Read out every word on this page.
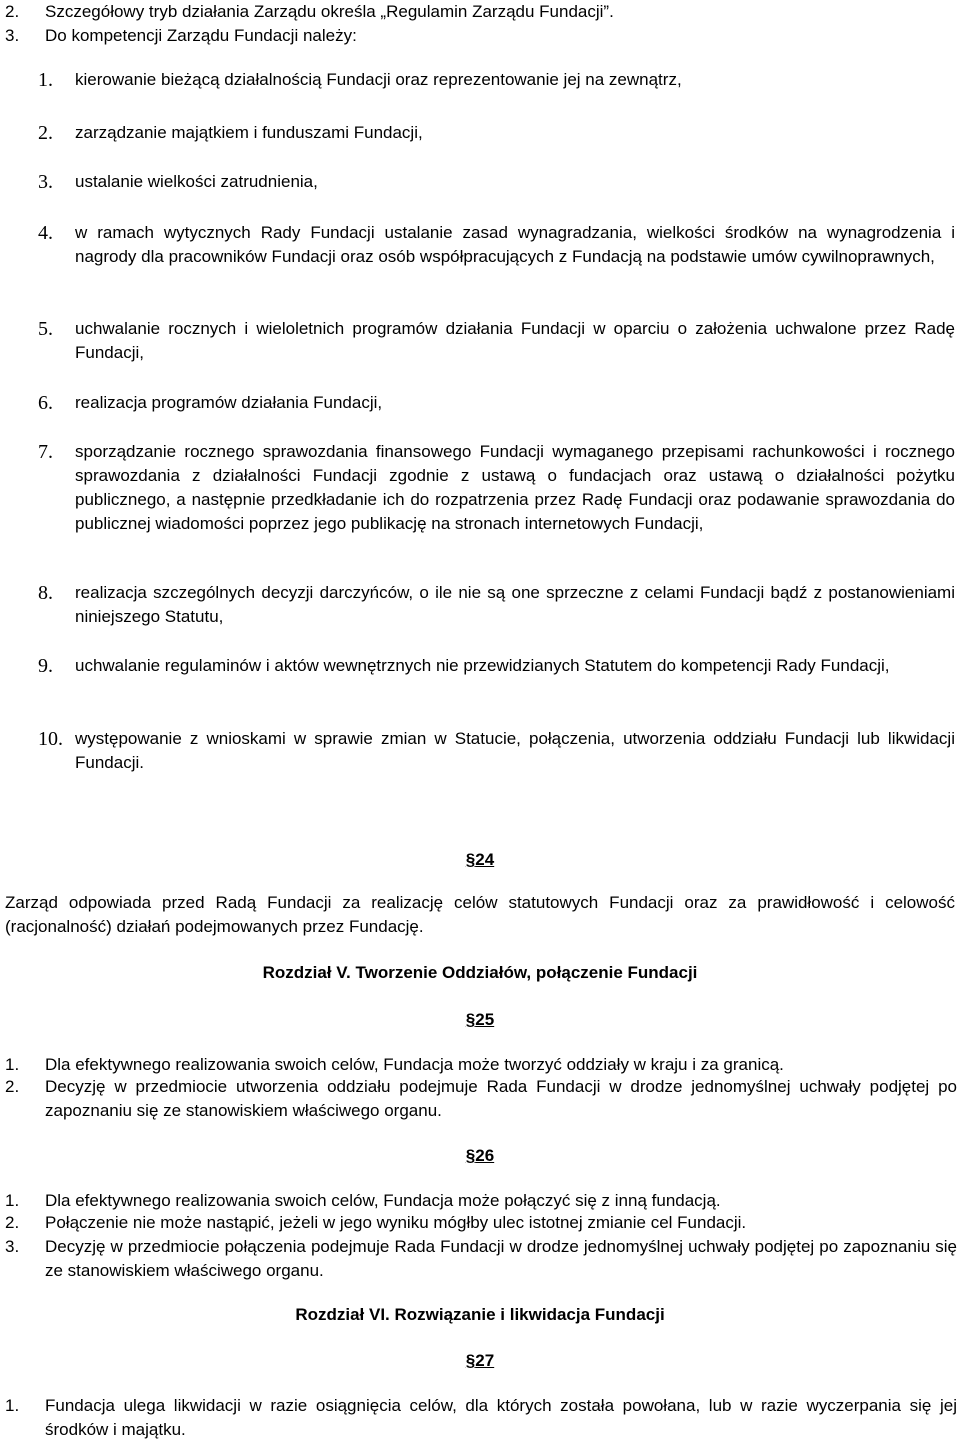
2. Szczegółowy tryb działania Zarządu określa „Regulamin Zarządu Fundacji”.
3. Do kompetencji Zarządu Fundacji należy:
1. kierowanie bieżącą działalnością Fundacji oraz reprezentowanie jej na zewnątrz,
2. zarządzanie majątkiem i funduszami Fundacji,
3. ustalanie wielkości zatrudnienia,
4. w ramach wytycznych Rady Fundacji ustalanie zasad wynagradzania, wielkości środków na wynagrodzenia i nagrody dla pracowników Fundacji oraz osób współpracujących z Fundacją na podstawie umów cywilnoprawnych,
5. uchwalanie rocznych i wieloletnich programów działania Fundacji w oparciu o założenia uchwalone przez Radę Fundacji,
6. realizacja programów działania Fundacji,
7. sporządzanie rocznego sprawozdania finansowego Fundacji wymaganego przepisami rachunkowości i rocznego sprawozdania z działalności Fundacji zgodnie z ustawą o fundacjach oraz ustawą o działalności pożytku publicznego, a następnie przedkładanie ich do rozpatrzenia przez Radę Fundacji oraz podawanie sprawozdania do publicznej wiadomości poprzez jego publikację na stronach internetowych Fundacji,
8. realizacja szczególnych decyzji darczyńców, o ile nie są one sprzeczne z celami Fundacji bądź z postanowieniami niniejszego Statutu,
9. uchwalanie regulaminów i aktów wewnętrznych nie przewidzianych Statutem do kompetencji Rady Fundacji,
10. występowanie z wnioskami w sprawie zmian w Statucie, połączenia, utworzenia oddziału Fundacji lub likwidacji Fundacji.
§24
Zarząd odpowiada przed Radą Fundacji za realizację celów statutowych Fundacji oraz za prawidłowość i celowość (racjonalność) działań podejmowanych przez Fundację.
Rozdział V. Tworzenie Oddziałów, połączenie Fundacji
§25
1. Dla efektywnego realizowania swoich celów, Fundacja może tworzyć oddziały w kraju i za granicą.
2. Decyzję w przedmiocie utworzenia oddziału podejmuje Rada Fundacji w drodze jednomyślnej uchwały podjętej po zapoznaniu się ze stanowiskiem właściwego organu.
§26
1. Dla efektywnego realizowania swoich celów, Fundacja może połączyć się z inną fundacją.
2. Połączenie nie może nastąpić, jeżeli w jego wyniku mógłby ulec istotnej zmianie cel Fundacji.
3. Decyzję w przedmiocie połączenia podejmuje Rada Fundacji w drodze jednomyślnej uchwały podjętej po zapoznaniu się ze stanowiskiem właściwego organu.
Rozdział VI. Rozwiązanie i likwidacja Fundacji
§27
1. Fundacja ulega likwidacji w razie osiągnięcia celów, dla których została powołana, lub w razie wyczerpania się jej środków i majątku.
